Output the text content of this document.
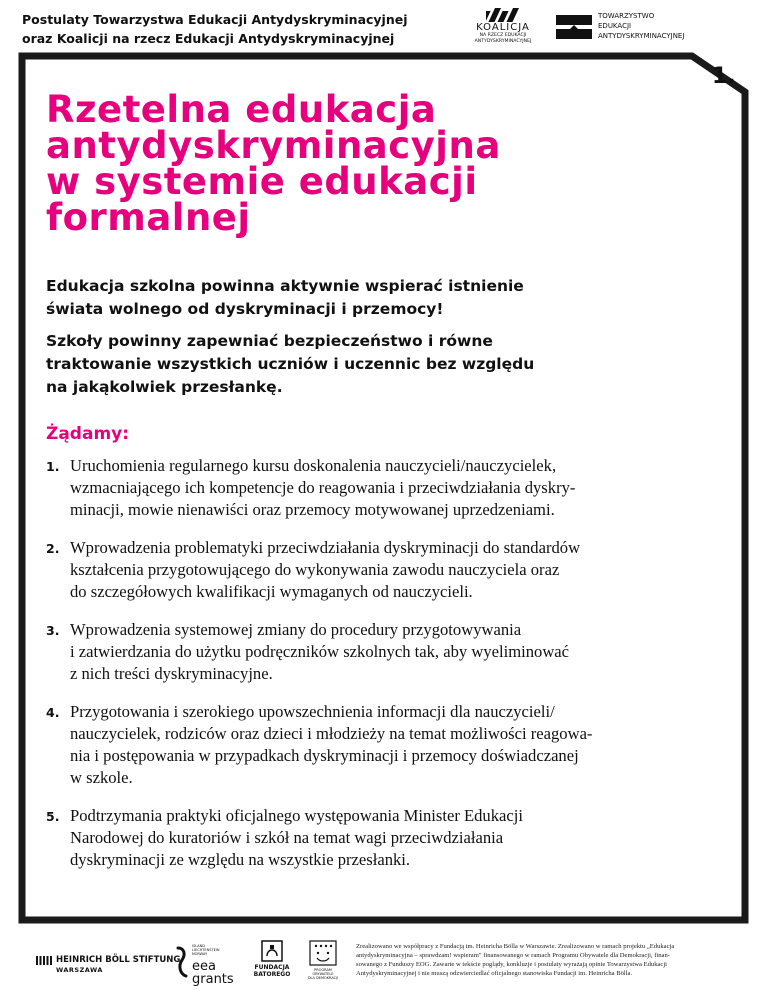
Postulaty Towarzystwa Edukacji Antydyskryminacyjnej
oraz Koalicji na rzecz Edukacji Antydyskryminacyjnej
KOALICJA
NA RZECZ EDUKACJI
ANTYDYSKRYMINACYJNEJ
TOWARZYSTWO
EDUKACJI
ANTYDYSKRYMINACYJNEJ
1.
Rzetelna edukacja
antydyskryminacyjna
w systemie edukacji
formalnej
Edukacja szkolna powinna aktywnie wspierać istnienie
świata wolnego od dyskryminacji i przemocy!
Szkoły powinny zapewniać bezpieczeństwo i równe
traktowanie wszystkich uczniów i uczennic bez względu
na jakąkolwiek przesłankę.
Żądamy:
1. Uruchomienia regularnego kursu doskonalenia nauczycieli/nauczycielek,
wzmacniającego ich kompetencje do reagowania i przeciwdziałania dyskry-
minacji, mowie nienawiści oraz przemocy motywowanej uprzedzeniami.
2. Wprowadzenia problematyki przeciwdziałania dyskryminacji do standardów
kształcenia przygotowującego do wykonywania zawodu nauczyciela oraz
do szczegółowych kwalifikacji wymaganych od nauczycieli.
3. Wprowadzenia systemowej zmiany do procedury przygotowywania
i zatwierdzania do użytku podręczników szkolnych tak, aby wyeliminować
z nich treści dyskryminacyjne.
4. Przygotowania i szerokiego upowszechnienia informacji dla nauczycieli/
nauczycielek, rodziców oraz dzieci i młodzieży na temat możliwości reagowa-
nia i postępowania w przypadkach dyskryminacji i przemocy doświadczanej
w szkole.
5. Podtrzymania praktyki oficjalnego występowania Minister Edukacji
Narodowej do kuratoriów i szkół na temat wagi przeciwdziałania
dyskryminacji ze względu na wszystkie przesłanki.
HEINRICH BÖLL STIFTUNG
WARSZAWA
ISLAND
LIECHTENSTEIN
NORWAY
eea
grants
FUNDACJA
BATOREGO
PROGRAM OBYWATELE
DLA DEMOKRACJI
Zrealizowano we współpracy z Fundacją im. Heinricha Bölla w Warszawie. Zrealizowano w ramach projektu „Edukacja
antydyskryminacyjna – sprawdzam! wspieram" finansowanego w ramach Programu Obywatele dla Demokracji, finan-
sowanego z Funduszy EOG. Zawarte w tekście poglądy, konkluzje i postulaty wyrażają opinie Towarzystwa Edukacji
Antydyskryminacyjnej i nie muszą odzwierciedlać oficjalnego stanowiska Fundacji im. Heinricha Bölla.
